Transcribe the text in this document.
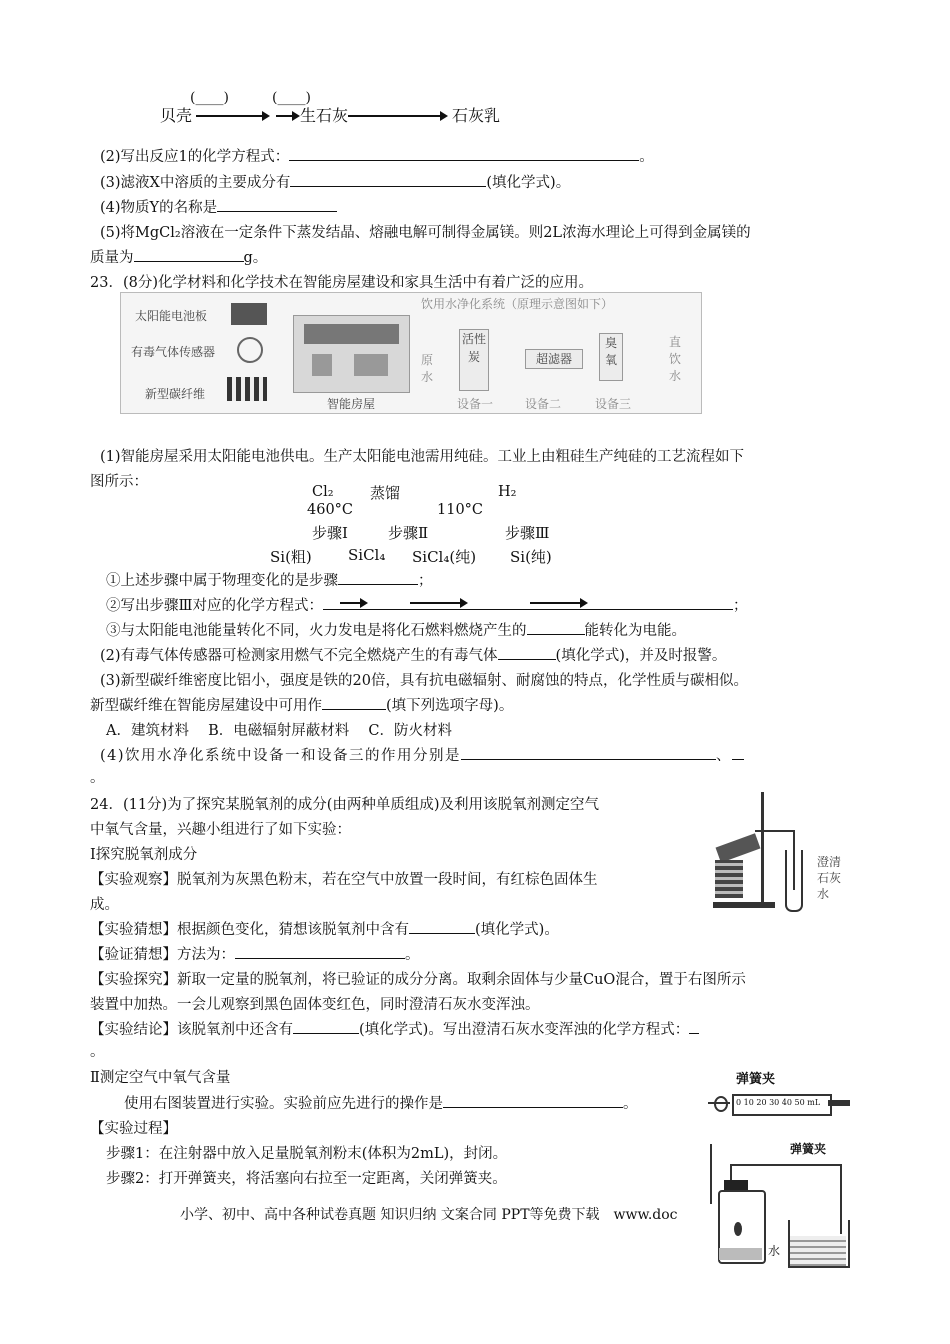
贝壳
(____)	(____)
生石灰	石灰乳
(2)写出反应1的化学方程式：	。
(3)滤液X中溶质的主要成分有	(填化学式)。
(4)物质Y的名称是
(5)将MgCl₂溶液在一定条件下蒸发结晶、熔融电解可制得金属镁。则2L浓海水理论上可得到金属镁的
质量为	g。
23．(8分)化学材料和化学技术在智能房屋建设和家具生活中有着广泛的应用。
太阳能电池板
有毒气体传感器
新型碳纤维
智能房屋
饮用水净化系统（原理示意图如下）
原水
活性炭	超滤器
臭氧
直饮水
设备一	设备二	设备三
(1)智能房屋采用太阳能电池供电。生产太阳能电池需用纯硅。工业上由粗硅生产纯硅的工艺流程如下
图所示：
Cl₂ 蒸馏	H₂
460°C	110°C
步骤Ⅰ	步骤Ⅱ	步骤Ⅲ
Si(粗) SiCl₄ SiCl₄(纯) Si(纯)
①上述步骤中属于物理变化的是步骤	；
②写出步骤Ⅲ对应的化学方程式：	；
③与太阳能电池能量转化不同，火力发电是将化石燃料燃烧产生的	能转化为电能。
(2)有毒气体传感器可检测家用燃气不完全燃烧产生的有毒气体	(填化学式)，并及时报警。
(3)新型碳纤维密度比铝小，强度是铁的20倍，具有抗电磁辐射、耐腐蚀的特点，化学性质与碳相似。
新型碳纤维在智能房屋建设中可用作	(填下列选项字母)。
A．建筑材料　 B．电磁辐射屏蔽材料　 C．防火材料
(4)饮用水净化系统中设备一和设备三的作用分别是	、
。
24．(11分)为了探究某脱氧剂的成分(由两种单质组成)及利用该脱氧剂测定空气
中氧气含量，兴趣小组进行了如下实验：
Ⅰ探究脱氧剂成分
【实验观察】脱氧剂为灰黑色粉末，若在空气中放置一段时间，有红棕色固体生
成。
澄清石灰水
【实验猜想】根据颜色变化，猜想该脱氧剂中含有	(填化学式)。
【验证猜想】方法为：	。
【实验探究】新取一定量的脱氧剂，将已验证的成分分离。取剩余固体与少量CuO混合，置于右图所示
装置中加热。一会儿观察到黑色固体变红色，同时澄清石灰水变浑浊。
【实验结论】该脱氧剂中还含有	(填化学式)。写出澄清石灰水变浑浊的化学方程式：
。
Ⅱ测定空气中氧气含量
使用右图装置进行实验。实验前应先进行的操作是	。
【实验过程】
步骤1：在注射器中放入足量脱氧剂粉末(体积为2mL)，封闭。
步骤2：打开弹簧夹，将活塞向右拉至一定距离，关闭弹簧夹。
弹簧夹
0 10 20 30 40 50 mL
弹簧夹
水
小学、初中、高中各种试卷真题 知识归纳 文案合同 PPT等免费下载　www.doc
